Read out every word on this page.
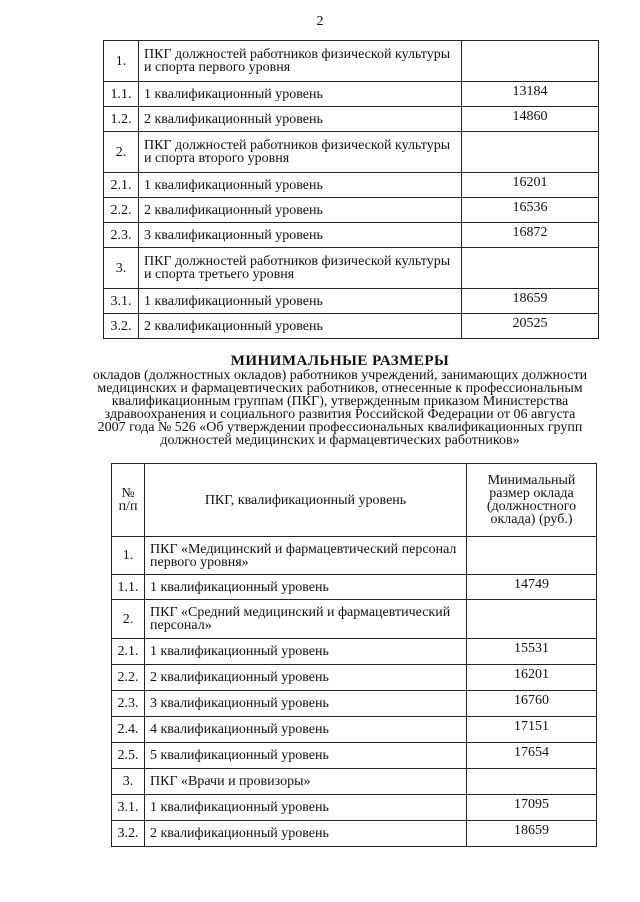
2
1.	ПКГ должностей работников физической культуры и спорта первого уровня	
1.1.	1 квалификационный уровень	13184
1.2.	2 квалификационный уровень	14860
2.	ПКГ должностей работников физической культуры и спорта второго уровня	
2.1.	1 квалификационный уровень	16201
2.2.	2 квалификационный уровень	16536
2.3.	3 квалификационный уровень	16872
3.	ПКГ должностей работников физической культуры и спорта третьего уровня	
3.1.	1 квалификационный уровень	18659
3.2.	2 квалификационный уровень	20525
МИНИМАЛЬНЫЕ РАЗМЕРЫ
окладов (должностных окладов) работников учреждений, занимающих должности медицинских и фармацевтических работников, отнесенные к профессиональным квалификационным группам (ПКГ), утвержденным приказом Министерства здравоохранения и социального развития Российской Федерации от 06 августа 2007 года № 526 «Об утверждении профессиональных квалификационных групп должностей медицинских и фармацевтических работников»
№ п/п	ПКГ, квалификационный уровень	Минимальный размер оклада (должностного оклада) (руб.)
1.	ПКГ «Медицинский и фармацевтический персонал первого уровня»	
1.1.	1 квалификационный уровень	14749
2.	ПКГ «Средний медицинский и фармацевтический персонал»	
2.1.	1 квалификационный уровень	15531
2.2.	2 квалификационный уровень	16201
2.3.	3 квалификационный уровень	16760
2.4.	4 квалификационный уровень	17151
2.5.	5 квалификационный уровень	17654
3.	ПКГ «Врачи и провизоры»	
3.1.	1 квалификационный уровень	17095
3.2.	2 квалификационный уровень	18659
